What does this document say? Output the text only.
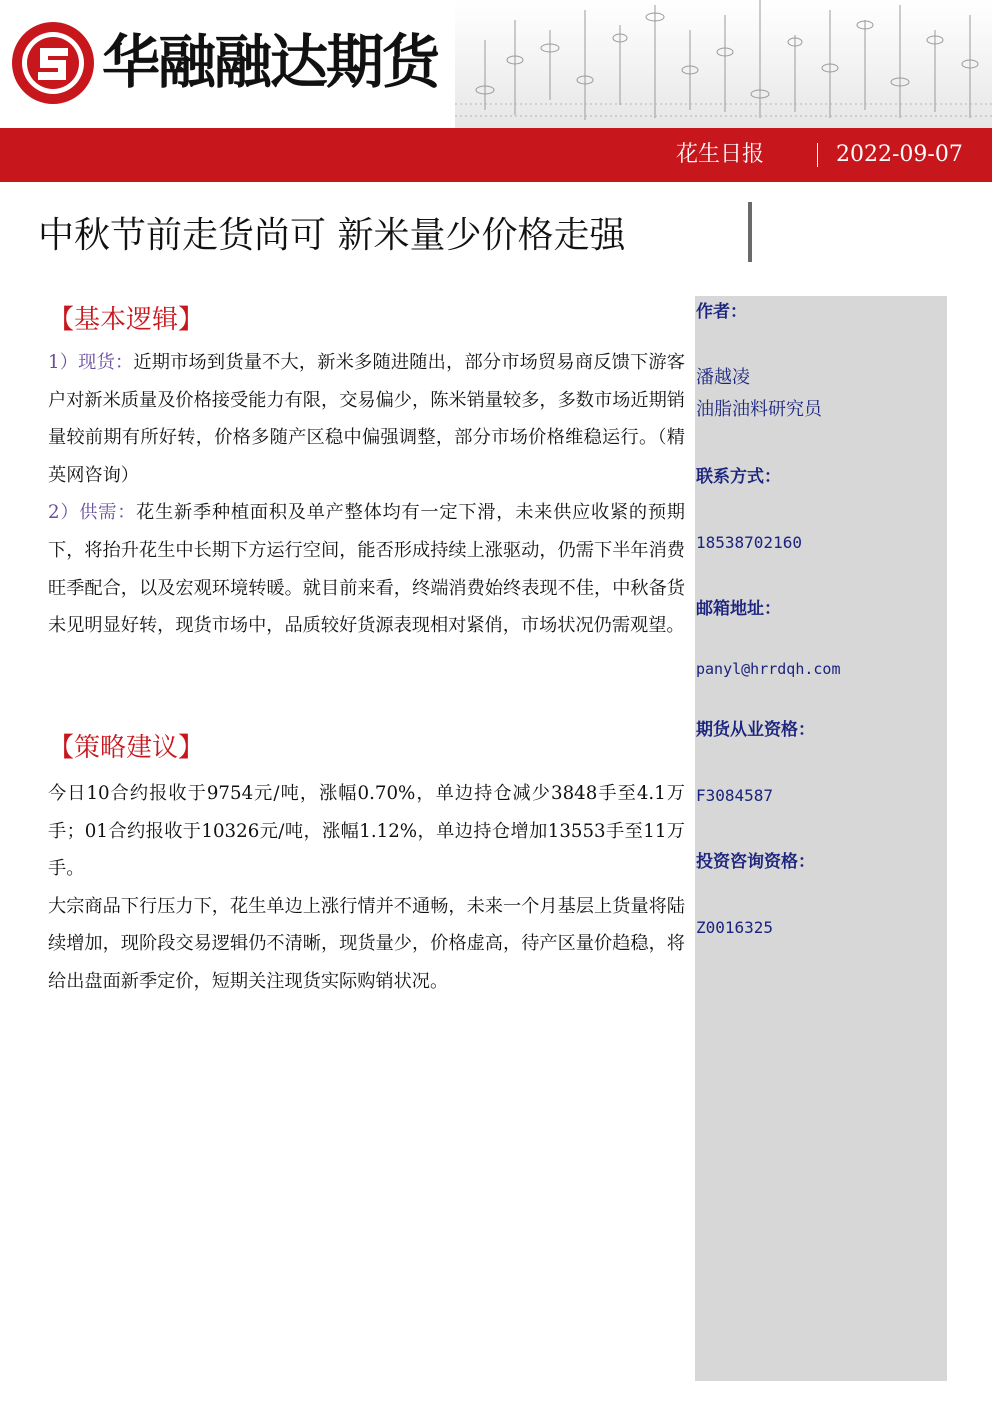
华融融达期货
花生日报	2022-09-07
中秋节前走货尚可 新米量少价格走强
作者：
潘越凌
油脂油料研究员
联系方式：
18538702160
邮箱地址：
panyl@hrrdqh.com
期货从业资格：
F3084587
投资咨询资格：
Z0016325
【基本逻辑】

1）现货：近期市场到货量不大，新米多随进随出，部分市场贸易商反馈下游客户对新米质量及价格接受能力有限，交易偏少，陈米销量较多，多数市场近期销量较前期有所好转，价格多随产区稳中偏强调整，部分市场价格维稳运行。（精英网咨询）

2）供需：花生新季种植面积及单产整体均有一定下滑，未来供应收紧的预期下，将抬升花生中长期下方运行空间，能否形成持续上涨驱动，仍需下半年消费旺季配合，以及宏观环境转暖。就目前来看，终端消费始终表现不佳，中秋备货未见明显好转，现货市场中，品质较好货源表现相对紧俏，市场状况仍需观望。

【策略建议】

今日10合约报收于9754元/吨，涨幅0.70%，单边持仓减少3848手至4.1万手；01合约报收于10326元/吨，涨幅1.12%，单边持仓增加13553手至11万手。

大宗商品下行压力下，花生单边上涨行情并不通畅，未来一个月基层上货量将陆续增加，现阶段交易逻辑仍不清晰，现货量少，价格虚高，待产区量价趋稳，将给出盘面新季定价，短期关注现货实际购销状况。
